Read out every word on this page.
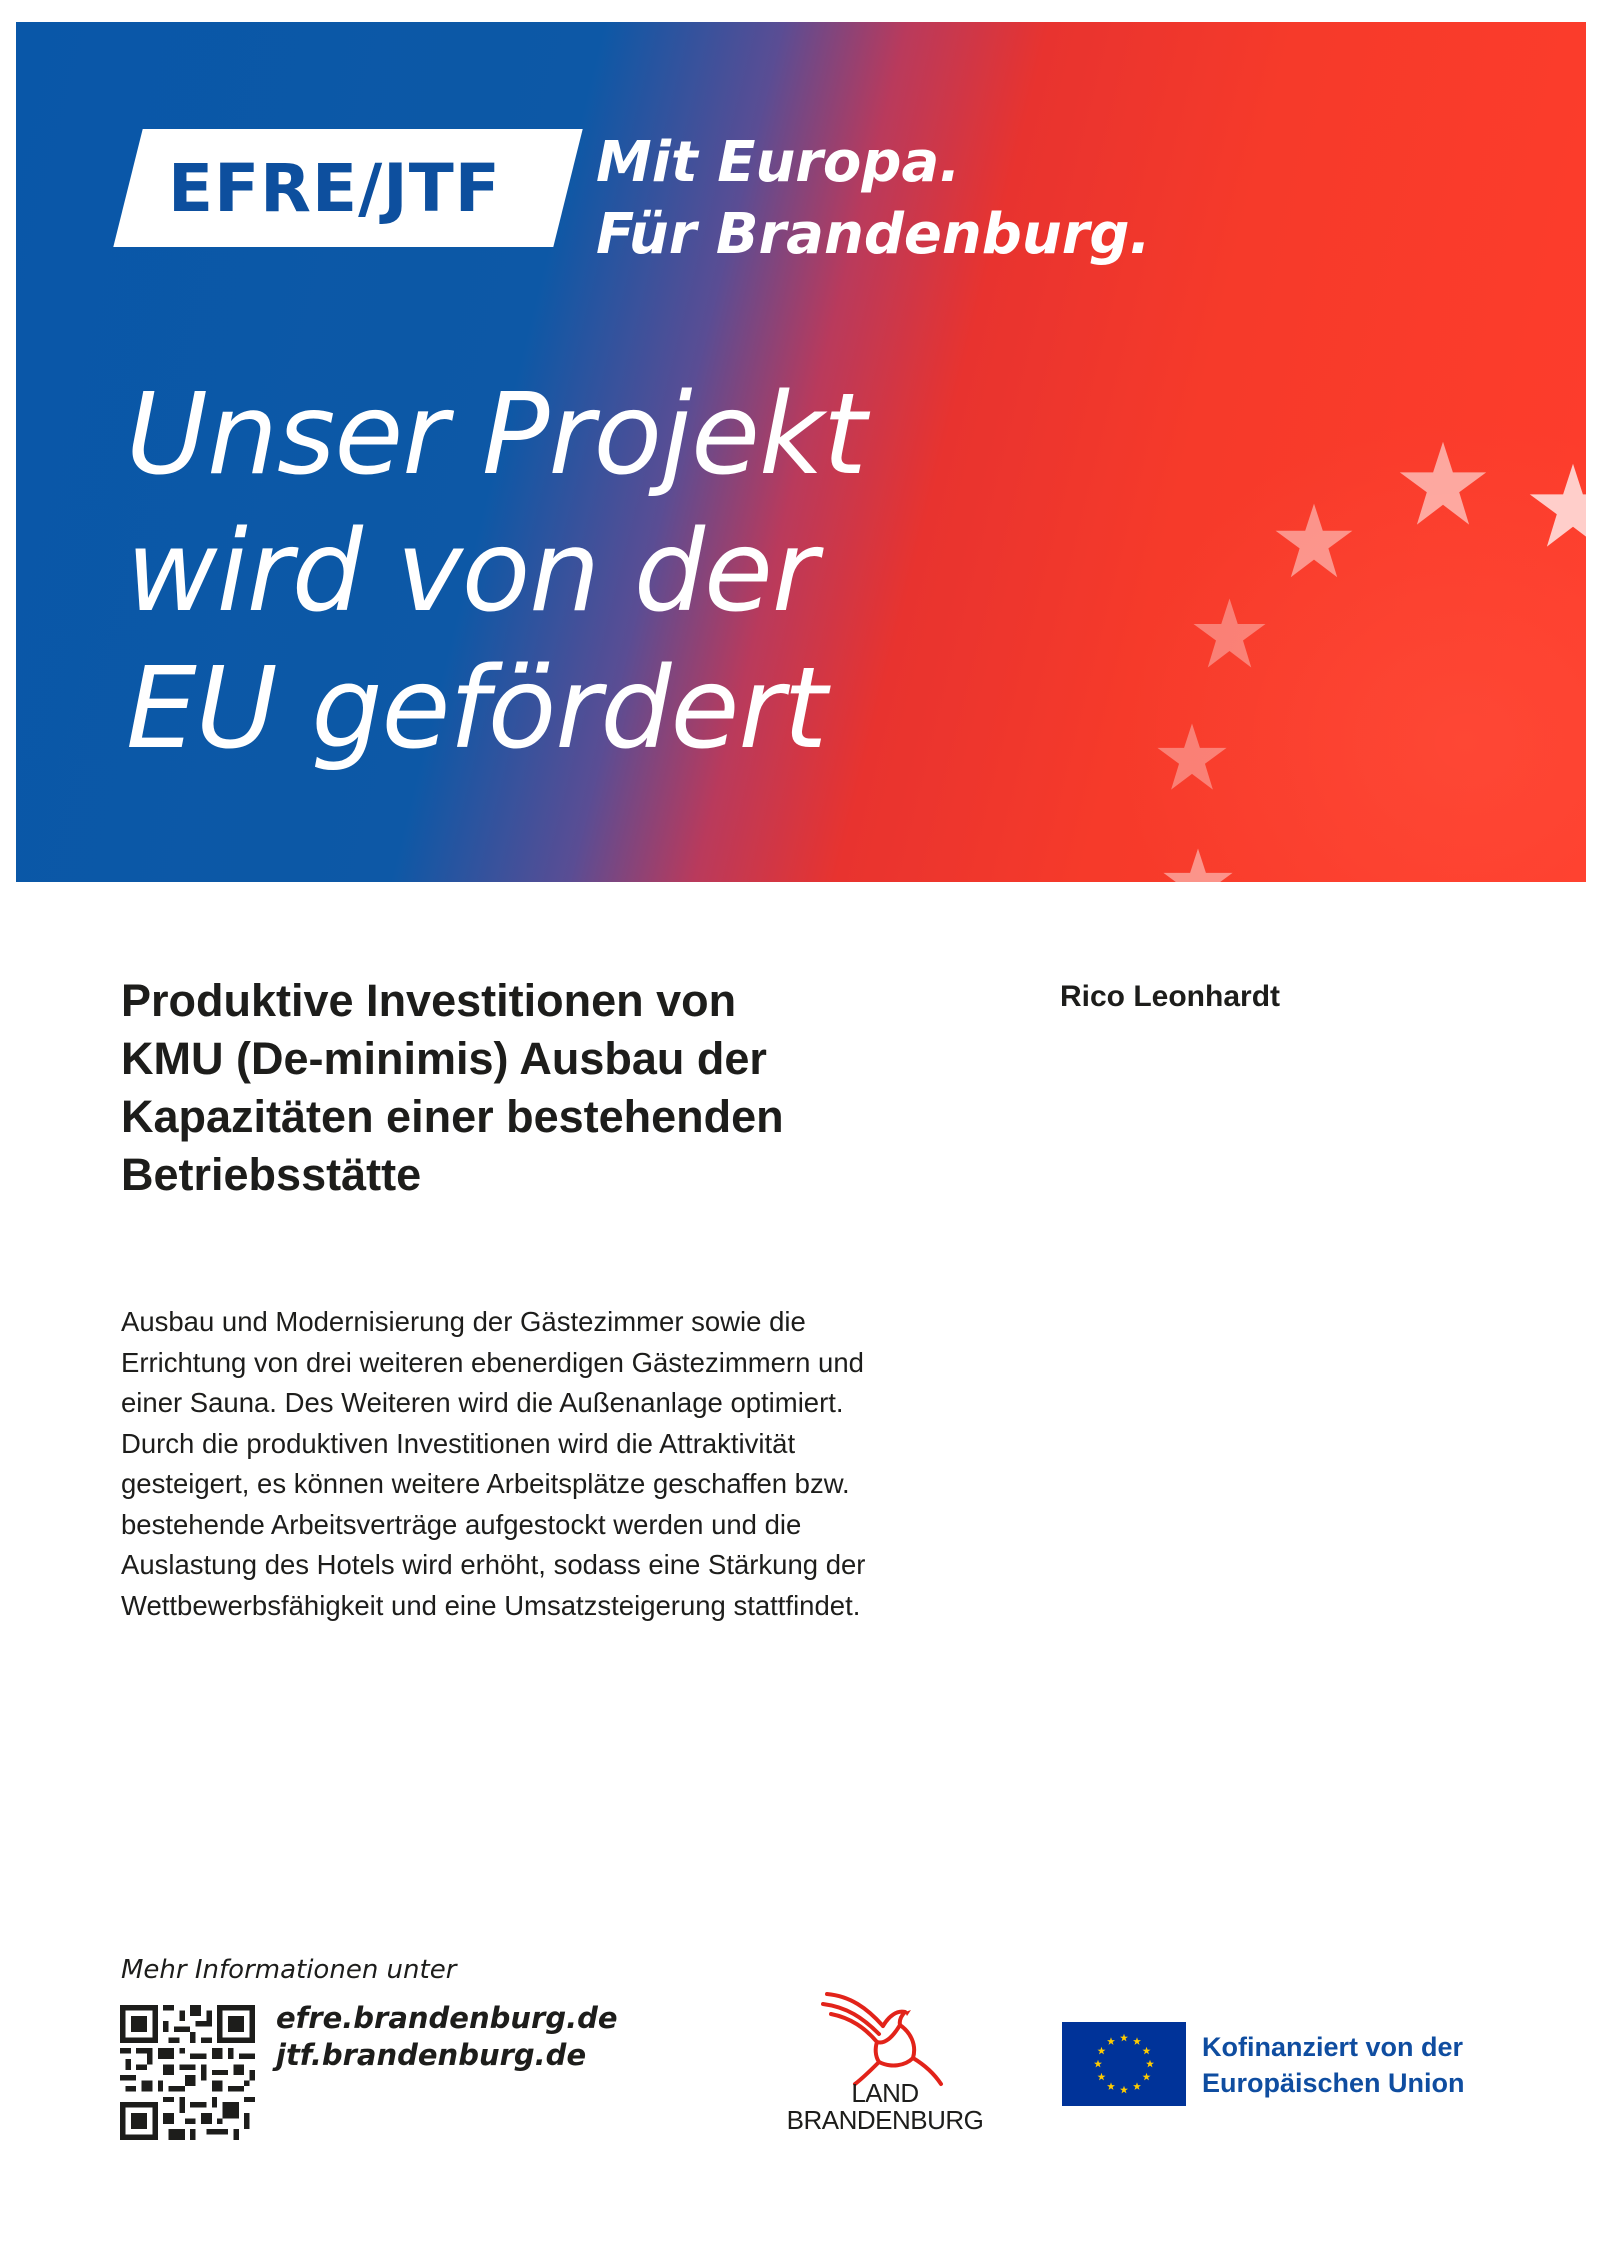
EFRE/JTF	Mit Europa.
Für Brandenburg.
Unser Projekt
wird von der
EU gefördert
Produktive Investitionen von
KMU (De-minimis) Ausbau der
Kapazitäten einer bestehenden
Betriebsstätte
Rico Leonhardt
Ausbau und Modernisierung der Gästezimmer sowie die
Errichtung von drei weiteren ebenerdigen Gästezimmern und
einer Sauna. Des Weiteren wird die Außenanlage optimiert.
Durch die produktiven Investitionen wird die Attraktivität
gesteigert, es können weitere Arbeitsplätze geschaffen bzw.
bestehende Arbeitsverträge aufgestockt werden und die
Auslastung des Hotels wird erhöht, sodass eine Stärkung der
Wettbewerbsfähigkeit und eine Umsatzsteigerung stattfindet.
Mehr Informationen unter
efre.brandenburg.de
jtf.brandenburg.de
LAND
BRANDENBURG
Kofinanziert von der
Europäischen Union
